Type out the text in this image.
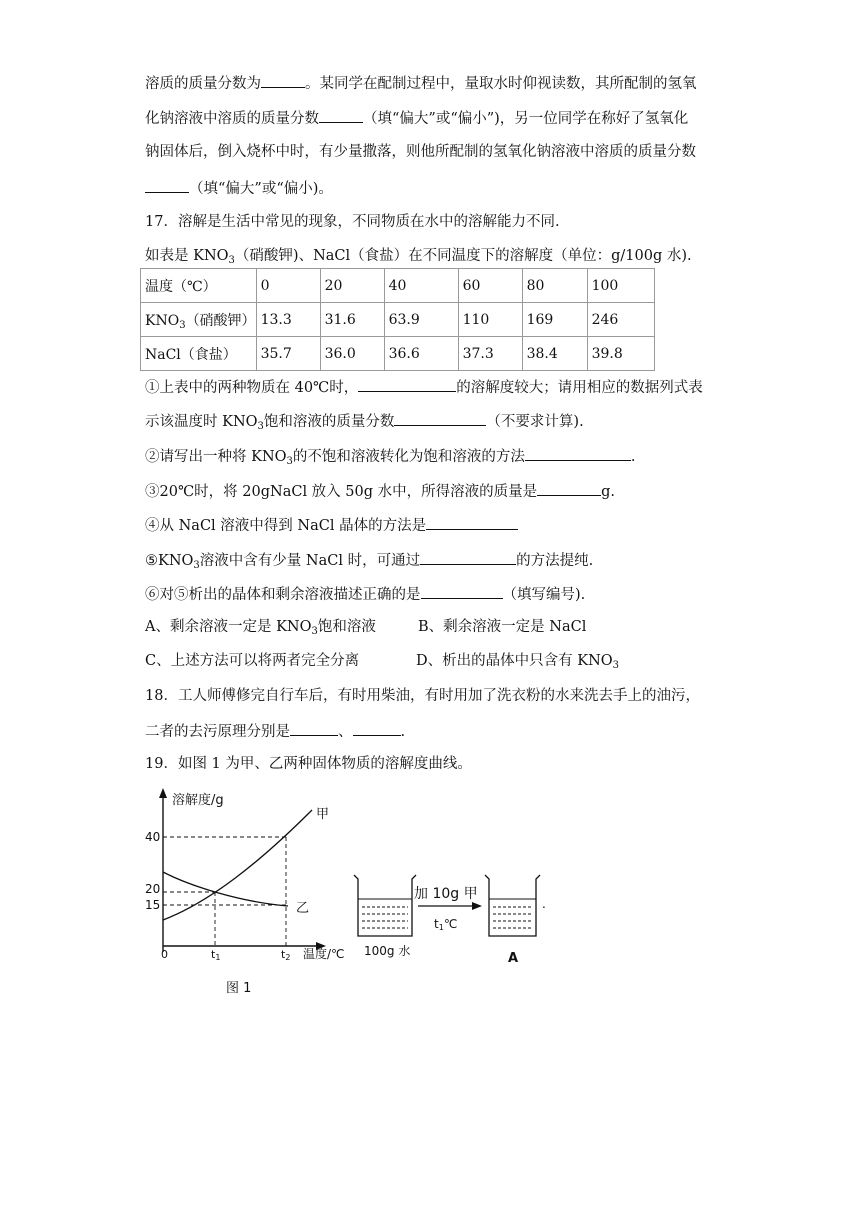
溶质的质量分数为	。某同学在配制过程中，量取水时仰视读数，其所配制的氢氧
化钠溶液中溶质的质量分数	（填“偏大”或“偏小”)，另一位同学在称好了氢氧化
钠固体后，倒入烧杯中时，有少量撒落，则他所配制的氢氧化钠溶液中溶质的质量分数
（填“偏大”或“偏小)。
17．溶解是生活中常见的现象，不同物质在水中的溶解能力不同.
如表是 $KNO_3$（硝酸钾)、NaCl（食盐）在不同温度下的溶解度（单位：g/100g 水).
温度（℃）	0	20	40	60	80	100
$KNO_3$（硝酸钾）	13.3	31.6	63.9	110	169	246
NaCl（食盐）	35.7	36.0	36.6	37.3	38.4	39.8
①上表中的两种物质在 40℃时，	的溶解度较大；请用相应的数据列式表
示该温度时 $KNO_3$饱和溶液的质量分数	（不要求计算).
②请写出一种将 $KNO_3$的不饱和溶液转化为饱和溶液的方法	.
③20℃时，将 20gNaCl 放入 50g 水中，所得溶液的质量是	g.
④从 NaCl 溶液中得到 NaCl 晶体的方法是
$⑤KNO_3$溶液中含有少量 NaCl 时，可通过	的方法提纯.
⑥对⑤析出的晶体和剩余溶液描述正确的是	（填写编号).
A、剩余溶液一定是 $KNO_3$饱和溶液	B、剩余溶液一定是 NaCl
C、上述方法可以将两者完全分离	D、析出的晶体中只含有 $KNO_3$
18．工人师傅修完自行车后，有时用柴油，有时用加了洗衣粉的水来洗去手上的油污，
二者的去污原理分别是	、	.
19．如图 1 为甲、乙两种固体物质的溶解度曲线。
溶解度/g
甲
乙
40
20
15
0	t1	t2 温度/℃
图 1
100g 水
加 10g 甲
t1℃
.
A
